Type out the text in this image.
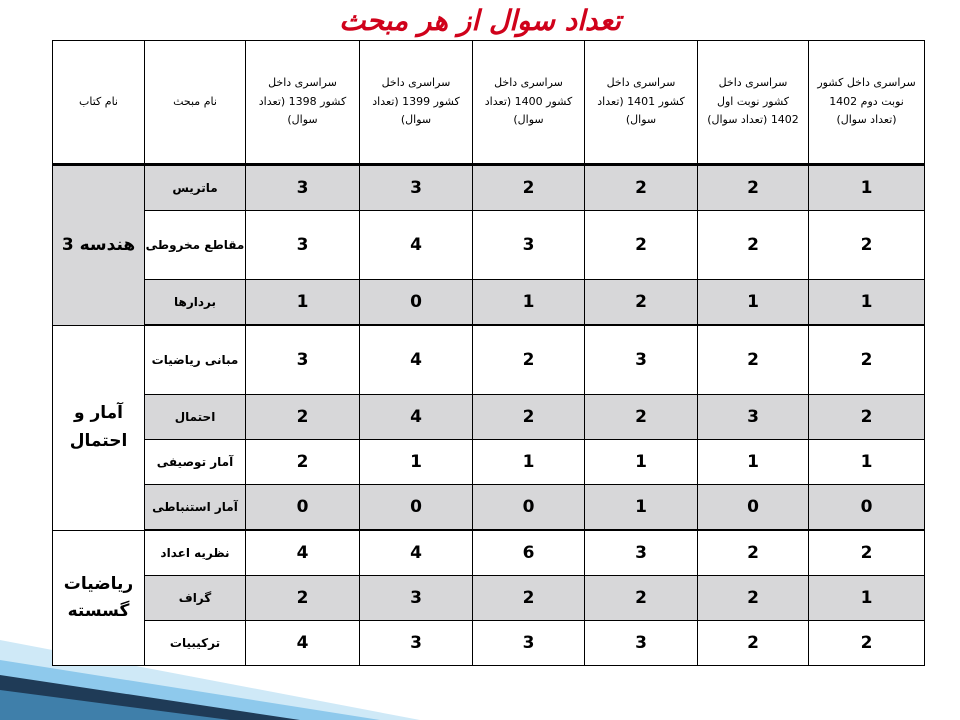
تعداد سوال از هر مبحث
نام کتاب	نام مبحث	سراسری داخل کشور 1398 (تعداد سوال)	سراسری داخل کشور 1399 (تعداد سوال)	سراسری داخل کشور 1400 (تعداد سوال)	سراسری داخل کشور 1401 (تعداد سوال)	سراسری داخل کشور نوبت اول 1402 (تعداد سوال)	سراسری داخل کشور نوبت دوم 1402 (تعداد سوال)
هندسه 3	ماتریس	3	3	2	2	2	1
	مقاطع مخروطی	3	4	3	2	2	2
	بردارها	1	0	1	2	1	1
آمار و احتمال	مبانی ریاضیات	3	4	2	3	2	2
	احتمال	2	4	2	2	3	2
	آمار توصیفی	2	1	1	1	1	1
	آمار استنباطی	0	0	0	1	0	0
ریاضیات گسسته	نظریه اعداد	4	4	6	3	2	2
	گراف	2	3	2	2	2	1
	ترکیبیات	4	3	3	3	2	2
